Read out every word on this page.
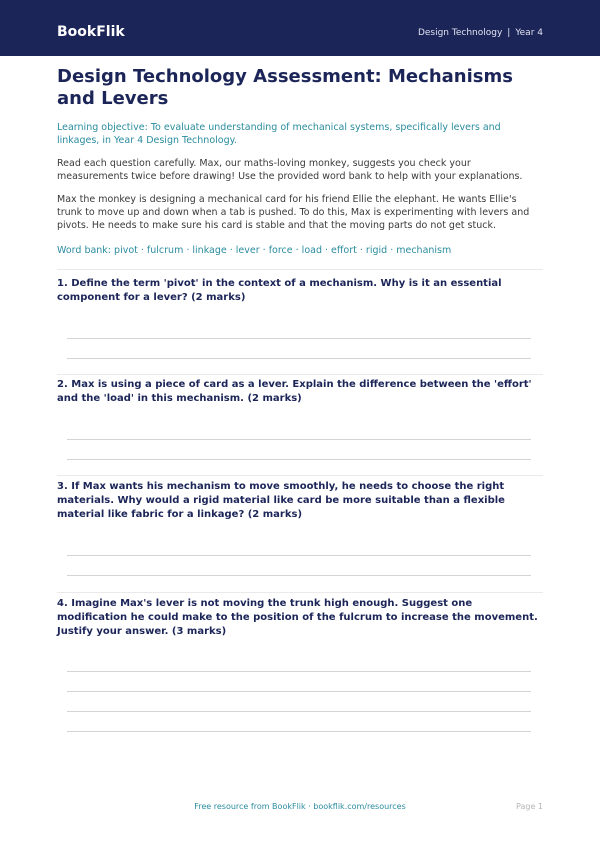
BookFlik	Design Technology | Year 4
Design Technology Assessment: Mechanisms and Levers

Learning objective: To evaluate understanding of mechanical systems, specifically levers and linkages, in Year 4 Design Technology.

Read each question carefully. Max, our maths-loving monkey, suggests you check your measurements twice before drawing! Use the provided word bank to help with your explanations.

Max the monkey is designing a mechanical card for his friend Ellie the elephant. He wants Ellie's trunk to move up and down when a tab is pushed. To do this, Max is experimenting with levers and pivots. He needs to make sure his card is stable and that the moving parts do not get stuck.

Word bank: pivot · fulcrum · linkage · lever · force · load · effort · rigid · mechanism

1. Define the term 'pivot' in the context of a mechanism. Why is it an essential component for a lever? (2 marks)

2. Max is using a piece of card as a lever. Explain the difference between the 'effort' and the 'load' in this mechanism. (2 marks)

3. If Max wants his mechanism to move smoothly, he needs to choose the right materials. Why would a rigid material like card be more suitable than a flexible material like fabric for a linkage? (2 marks)

4. Imagine Max's lever is not moving the trunk high enough. Suggest one modification he could make to the position of the fulcrum to increase the movement. Justify your answer. (3 marks)

Free resource from BookFlik · bookflik.com/resources	Page 1
